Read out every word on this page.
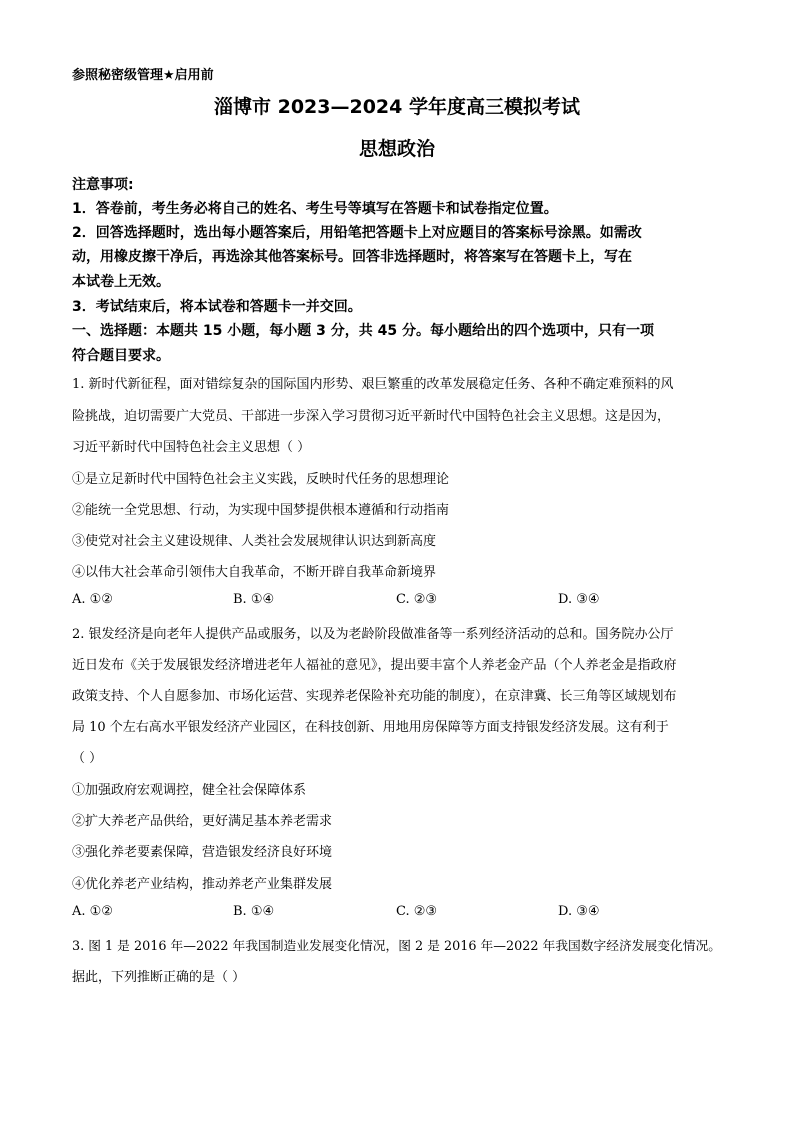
参照秘密级管理★启用前
淄博市 2023—2024 学年度高三模拟考试
思想政治
注意事项:
1．答卷前，考生务必将自己的姓名、考生号等填写在答题卡和试卷指定位置。
2．回答选择题时，选出每小题答案后，用铅笔把答题卡上对应题目的答案标号涂黑。如需改
动，用橡皮擦干净后，再选涂其他答案标号。回答非选择题时，将答案写在答题卡上，写在
本试卷上无效。
3．考试结束后，将本试卷和答题卡一并交回。
一、选择题：本题共 15 小题，每小题 3 分，共 45 分。每小题给出的四个选项中，只有一项
符合题目要求。
1. 新时代新征程，面对错综复杂的国际国内形势、艰巨繁重的改革发展稳定任务、各种不确定难预料的风
险挑战，迫切需要广大党员、干部进一步深入学习贯彻习近平新时代中国特色社会主义思想。这是因为，
习近平新时代中国特色社会主义思想（ ）
①是立足新时代中国特色社会主义实践，反映时代任务的思想理论
②能统一全党思想、行动，为实现中国梦提供根本遵循和行动指南
③使党对社会主义建设规律、人类社会发展规律认识达到新高度
④以伟大社会革命引领伟大自我革命，不断开辟自我革命新境界
A. ①②	B. ①④	C. ②③	D. ③④
2. 银发经济是向老年人提供产品或服务，以及为老龄阶段做准备等一系列经济活动的总和。国务院办公厅
近日发布《关于发展银发经济增进老年人福祉的意见》，提出要丰富个人养老金产品（个人养老金是指政府
政策支持、个人自愿参加、市场化运营、实现养老保险补充功能的制度），在京津冀、长三角等区域规划布
局 10 个左右高水平银发经济产业园区，在科技创新、用地用房保障等方面支持银发经济发展。这有利于
（ ）
①加强政府宏观调控，健全社会保障体系
②扩大养老产品供给，更好满足基本养老需求
③强化养老要素保障，营造银发经济良好环境
④优化养老产业结构，推动养老产业集群发展
A. ①②	B. ①④	C. ②③	D. ③④
3. 图 1 是 2016 年—2022 年我国制造业发展变化情况，图 2 是 2016 年—2022 年我国数字经济发展变化情况。
据此，下列推断正确的是（ ）
